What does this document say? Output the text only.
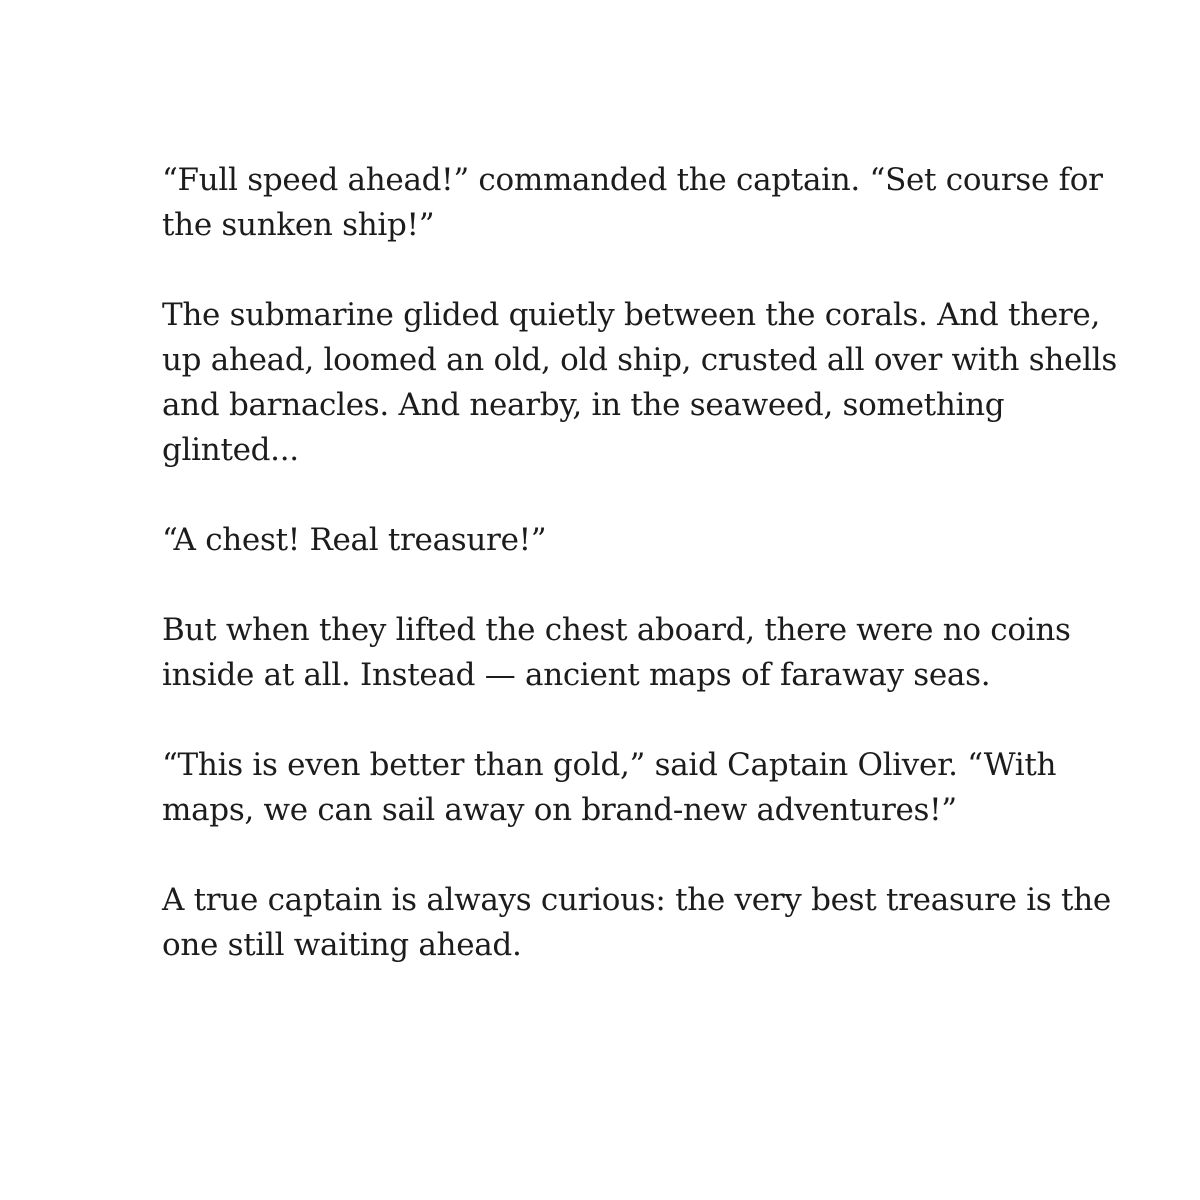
“Full speed ahead!” commanded the captain. “Set course for
the sunken ship!”

The submarine glided quietly between the corals. And there,
up ahead, loomed an old, old ship, crusted all over with shells
and barnacles. And nearby, in the seaweed, something
glinted...

“A chest! Real treasure!”

But when they lifted the chest aboard, there were no coins
inside at all. Instead — ancient maps of faraway seas.

“This is even better than gold,” said Captain Oliver. “With
maps, we can sail away on brand-new adventures!”

A true captain is always curious: the very best treasure is the
one still waiting ahead.
